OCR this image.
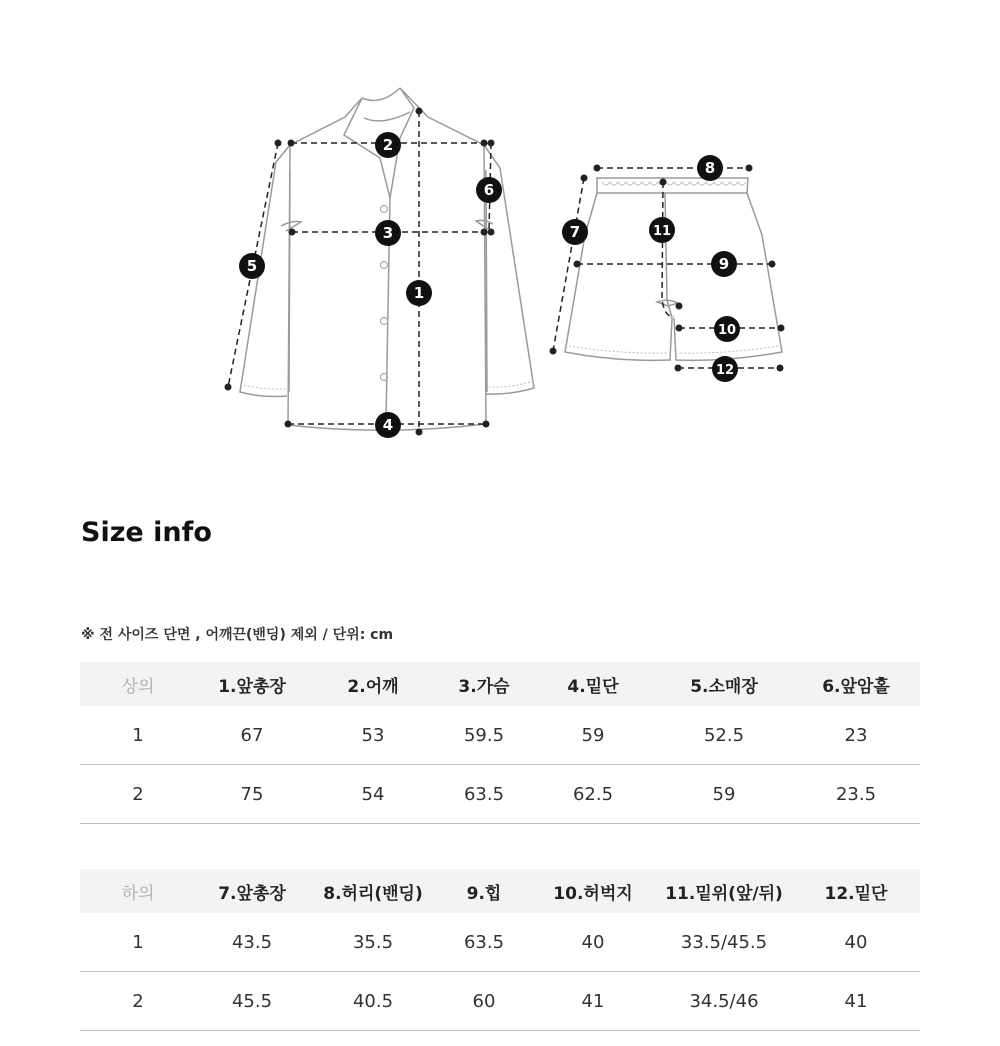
1
2
3
4
5
6
7
8
9
10
11
12
Size info

※ 전 사이즈 단면 , 어깨끈(밴딩) 제외 / 단위: cm

상의	1.앞총장	2.어깨	3.가슴	4.밑단	5.소매장	6.앞암홀
1	67	53	59.5	59	52.5	23
2	75	54	63.5	62.5	59	23.5
하의	7.앞총장	8.허리(밴딩)	9.힙	10.허벅지	11.밑위(앞/뒤)	12.밑단
1	43.5	35.5	63.5	40	33.5/45.5	40
2	45.5	40.5	60	41	34.5/46	41
